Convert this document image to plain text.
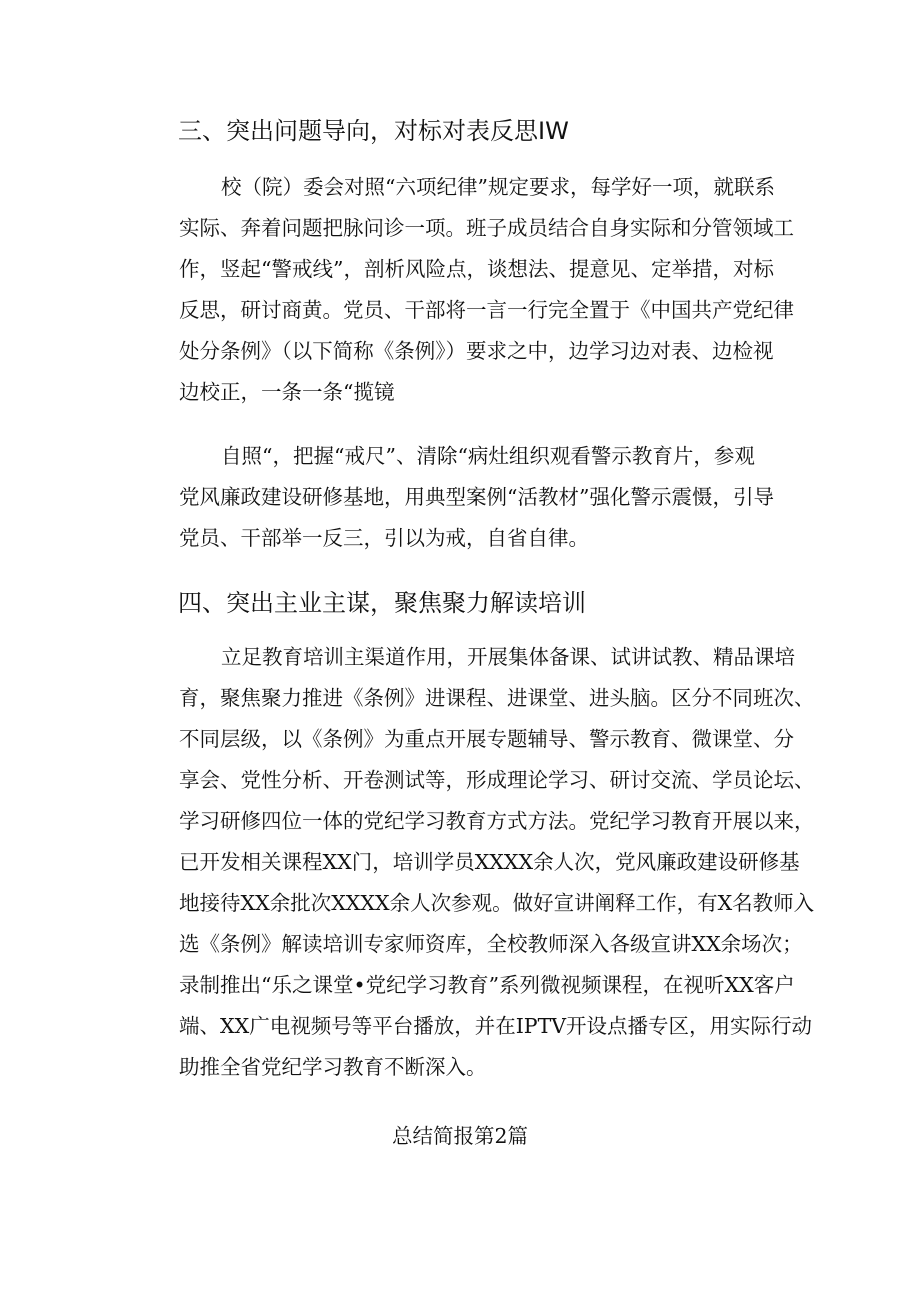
三、突出问题导向，对标对表反思IW
校（院）委会对照“六项纪律”规定要求，每学好一项，就联系
实际、奔着问题把脉问诊一项。班子成员结合自身实际和分管领域工
作，竖起“警戒线”，剖析风险点，谈想法、提意见、定举措，对标
反思，研讨商黄。党员、干部将一言一行完全置于《中国共产党纪律
处分条例》（以下简称《条例》）要求之中，边学习边对表、边检视
边校正，一条一条“揽镜
自照“，把握“戒尺”、清除“病灶组织观看警示教育片，参观
党风廉政建设研修基地，用典型案例“活教材”强化警示震慑，引导
党员、干部举一反三，引以为戒，自省自律。
四、突出主业主谋，聚焦聚力解读培训
立足教育培训主渠道作用，开展集体备课、试讲试教、精品课培
育，聚焦聚力推进《条例》进课程、进课堂、进头脑。区分不同班次、
不同层级，以《条例》为重点开展专题辅导、警示教育、微课堂、分
享会、党性分析、开卷测试等，形成理论学习、研讨交流、学员论坛、
学习研修四位一体的党纪学习教育方式方法。党纪学习教育开展以来，
已开发相关课程XX门，培训学员XXXX余人次，党风廉政建设研修基
地接待XX余批次XXXX余人次参观。做好宣讲阐释工作，有X名教师入
选《条例》解读培训专家师资库，全校教师深入各级宣讲XX余场次；
录制推出“乐之课堂•党纪学习教育”系列微视频课程，在视听XX客户
端、XX广电视频号等平台播放，并在IPTV开设点播专区，用实际行动
助推全省党纪学习教育不断深入。

总结简报第2篇
